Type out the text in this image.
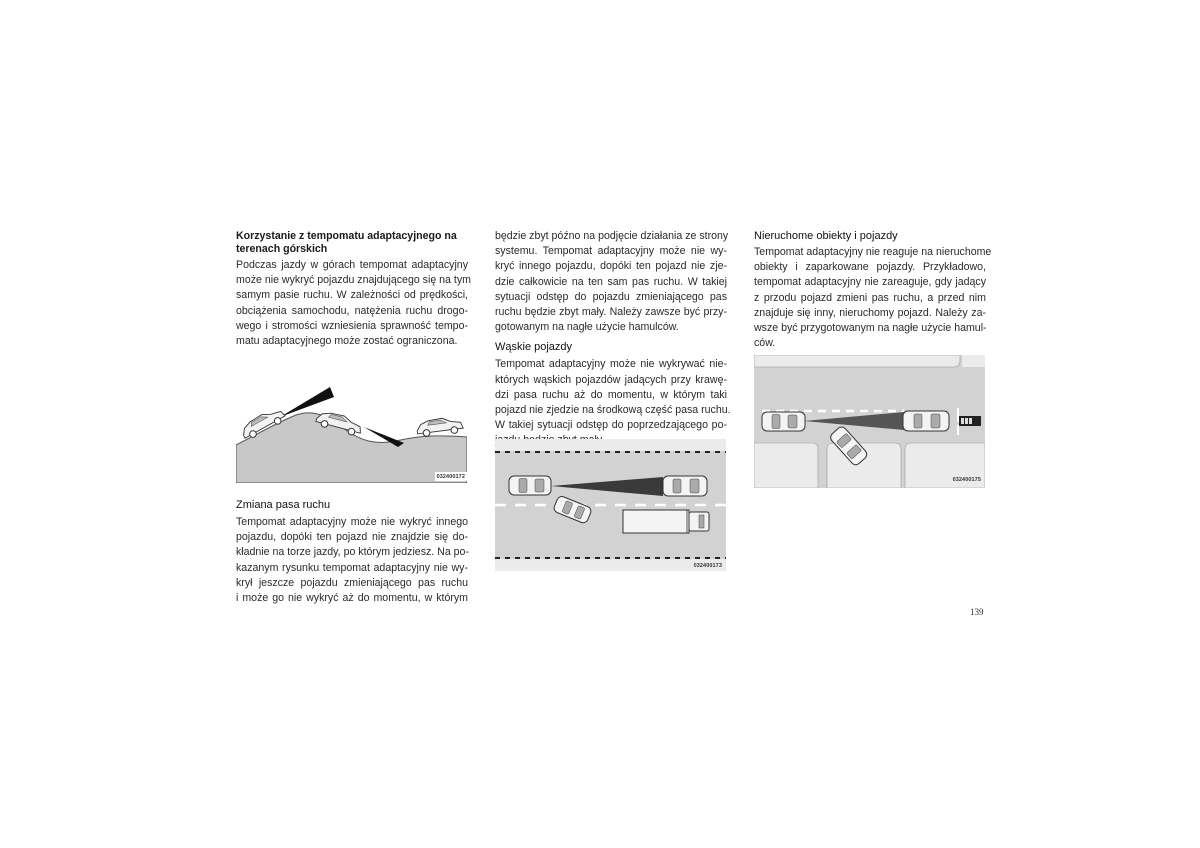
Korzystanie z tempomatu adaptacyjnego na
terenach górskich

Podczas jazdy w górach tempomat adaptacyjny
może nie wykryć pojazdu znajdującego się na tym
samym pasie ruchu. W zależności od prędkości,
obciążenia samochodu, natężenia ruchu drogo-
wego i stromości wzniesienia sprawność tempo-
matu adaptacyjnego może zostać ograniczona.

032400172

Zmiana pasa ruchu

Tempomat adaptacyjny może nie wykryć innego
pojazdu, dopóki ten pojazd nie znajdzie się do-
kładnie na torze jazdy, po którym jedziesz. Na po-
kazanym rysunku tempomat adaptacyjny nie wy-
krył jeszcze pojazdu zmieniającego pas ruchu
i może go nie wykryć aż do momentu, w którym

będzie zbyt późno na podjęcie działania ze strony
systemu. Tempomat adaptacyjny może nie wy-
kryć innego pojazdu, dopóki ten pojazd nie zje-
dzie całkowicie na ten sam pas ruchu. W takiej
sytuacji odstęp do pojazdu zmieniającego pas
ruchu będzie zbyt mały. Należy zawsze być przy-
gotowanym na nagłe użycie hamulców.

Wąskie pojazdy

Tempomat adaptacyjny może nie wykrywać nie-
których wąskich pojazdów jadących przy krawę-
dzi pasa ruchu aż do momentu, w którym taki
pojazd nie zjedzie na środkową część pasa ruchu.
W takiej sytuacji odstęp do poprzedzającego po-

032400173

Nieruchome obiekty i pojazdy

Tempomat adaptacyjny nie reaguje na nieruchome
obiekty i zaparkowane pojazdy. Przykładowo,
tempomat adaptacyjny nie zareaguje, gdy jadący
z przodu pojazd zmieni pas ruchu, a przed nim
znajduje się inny, nieruchomy pojazd. Należy za-
wsze być przygotowanym na nagłe użycie hamul-
ców.

032400175
139
